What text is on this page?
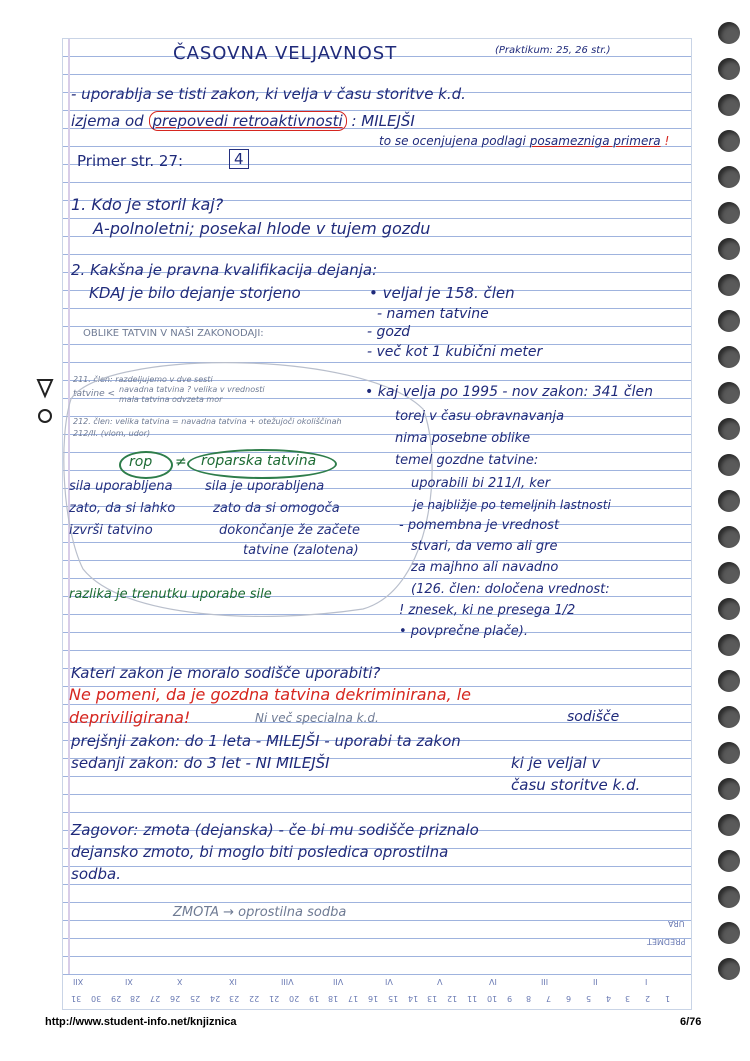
ČASOVNA VELJAVNOST	(Praktikum: 25, 26 str.)
- uporablja se tisti zakon, ki velja v času storitve k.d.
izjema od prepovedi retroaktivnosti : MILEJŠI
to se ocenjujena podlagi posamezniga primera !
Primer str. 27:	4
1. Kdo je storil kaj?
A-polnoletni; posekal hlode v tujem gozdu
2. Kakšna je pravna kvalifikacija dejanja:
KDAJ je bilo dejanje storjeno	• veljal je 158. člen
- namen tatvine
- gozd
- več kot 1 kubični meter
OBLIKE TATVIN V NAŠI ZAKONODAJI:
211. člen: razdeljujemo v dve sesti
tatvine < navadna tatvina ? velika v vrednosti
mala tatvina odvzeta mor
212. člen: velika tatvina = navadna tatvina + otežujoči okoliščinah
212/II. (vlom, udor)
rop ≠ roparska tatvina
sila uporabljena
zato, da si lahko
izvrši tatvino
sila je uporabljena
zato da si omogoča
dokončanje že začete
tatvine (zalotena)
razlika je trenutku uporabe sile
• kaj velja po 1995 - nov zakon: 341 člen
torej v času obravnavanja
nima posebne oblike
temel gozdne tatvine:
uporabili bi 211/I, ker
je najbližje po temeljnih lastnosti
- pomembna je vrednost
stvari, da vemo ali gre
za majhno ali navadno
(126. člen: določena vrednost:
! znesek, ki ne presega 1/2
• povprečne plače).
Kateri zakon je moralo sodišče uporabiti?
Ne pomeni, da je gozdna tatvina dekriminirana, le
depriviligirana!	Ni več specialna k.d.	sodišče
prejšnji zakon: do 1 leta - MILEJŠI - uporabi ta zakon
sedanji zakon: do 3 let - NI MILEJŠI	ki je veljal v
času storitve k.d.
Zagovor: zmota (dejanska) - če bi mu sodišče priznalo
dejansko zmoto, bi moglo biti posledica oprostilna
sodba.
ZMOTA → oprostilna sodba
URA
PREDMET
XII	XI	X	IX	VIII	VII	VI	V	IV	III	II	I
31 30 29 28 27 26 25 24 23 22 21 20 19 18 17 16 15 14 13 12 11 10 9 8 7 6 5 4 3 2 1
http://www.student-info.net/knjiznica	6/76
